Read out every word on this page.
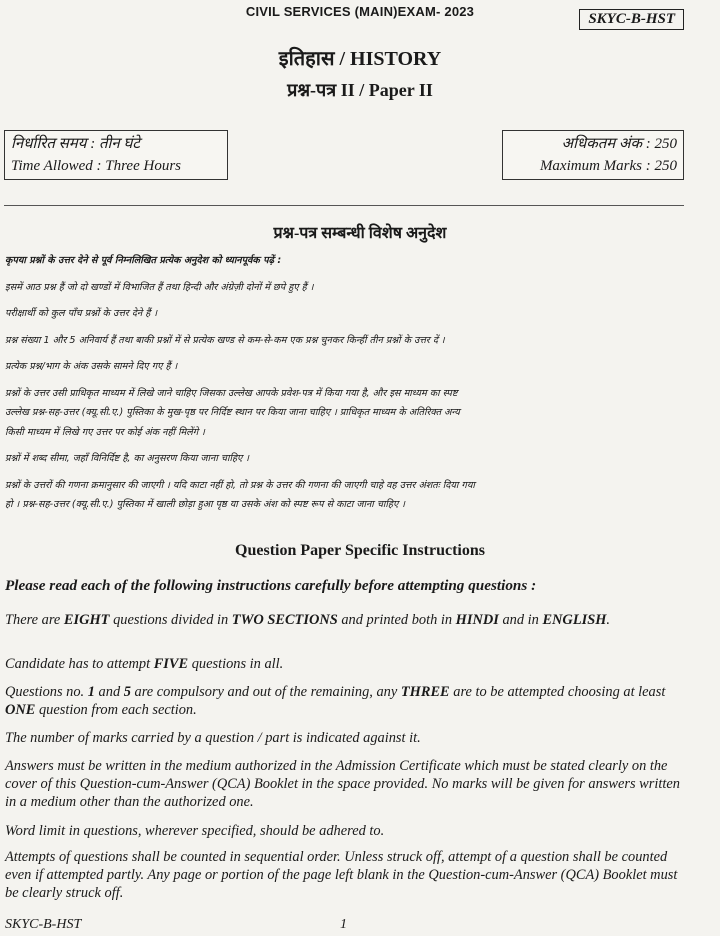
CIVIL SERVICES (MAIN)EXAM- 2023	SKYC-B-HST
इतिहास / HISTORY
प्रश्न-पत्र II / Paper II
निर्धारित समय : तीन घंटे
Time Allowed : Three Hours
अधिकतम अंक : 250
Maximum Marks : 250
प्रश्न-पत्र सम्बन्धी विशेष अनुदेश
कृपया प्रश्नों के उत्तर देने से पूर्व निम्नलिखित प्रत्येक अनुदेश को ध्यानपूर्वक पढ़ें :
इसमें आठ प्रश्न हैं जो दो खण्डों में विभाजित हैं तथा हिन्दी और अंग्रेज़ी दोनों में छपे हुए हैं ।
परीक्षार्थी को कुल पाँच प्रश्नों के उत्तर देने हैं ।
प्रश्न संख्या 1 और 5 अनिवार्य हैं तथा बाकी प्रश्नों में से प्रत्येक खण्ड से कम-से-कम एक प्रश्न चुनकर किन्हीं तीन प्रश्नों के उत्तर दें ।
प्रत्येक प्रश्न/भाग के अंक उसके सामने दिए गए हैं ।
प्रश्नों के उत्तर उसी प्राधिकृत माध्यम में लिखे जाने चाहिए जिसका उल्लेख आपके प्रवेश-पत्र में किया गया है, और इस माध्यम का स्पष्ट
उल्लेख प्रश्न-सह-उत्तर (क्यू.सी.ए.) पुस्तिका के मुख-पृष्ठ पर निर्दिष्ट स्थान पर किया जाना चाहिए । प्राधिकृत माध्यम के अतिरिक्त अन्य
किसी माध्यम में लिखे गए उत्तर पर कोई अंक नहीं मिलेंगे ।
प्रश्नों में शब्द सीमा, जहाँ विनिर्दिष्ट है, का अनुसरण किया जाना चाहिए ।
प्रश्नों के उत्तरों की गणना क्रमानुसार की जाएगी । यदि काटा नहीं हो, तो प्रश्न के उत्तर की गणना की जाएगी चाहे वह उत्तर अंशतः दिया गया
हो । प्रश्न-सह-उत्तर (क्यू.सी.ए.) पुस्तिका में खाली छोड़ा हुआ पृष्ठ या उसके अंश को स्पष्ट रूप से काटा जाना चाहिए ।
Question Paper Specific Instructions
Please read each of the following instructions carefully before attempting questions :
There are EIGHT questions divided in TWO SECTIONS and printed both in HINDI and in ENGLISH.
Candidate has to attempt FIVE questions in all.
Questions no. 1 and 5 are compulsory and out of the remaining, any THREE are to be attempted choosing at least ONE question from each section.
The number of marks carried by a question / part is indicated against it.
Answers must be written in the medium authorized in the Admission Certificate which must be stated clearly on the cover of this Question-cum-Answer (QCA) Booklet in the space provided. No marks will be given for answers written in a medium other than the authorized one.
Word limit in questions, wherever specified, should be adhered to.
Attempts of questions shall be counted in sequential order. Unless struck off, attempt of a question shall be counted even if attempted partly. Any page or portion of the page left blank in the Question-cum-Answer (QCA) Booklet must be clearly struck off.
SKYC-B-HST	1
